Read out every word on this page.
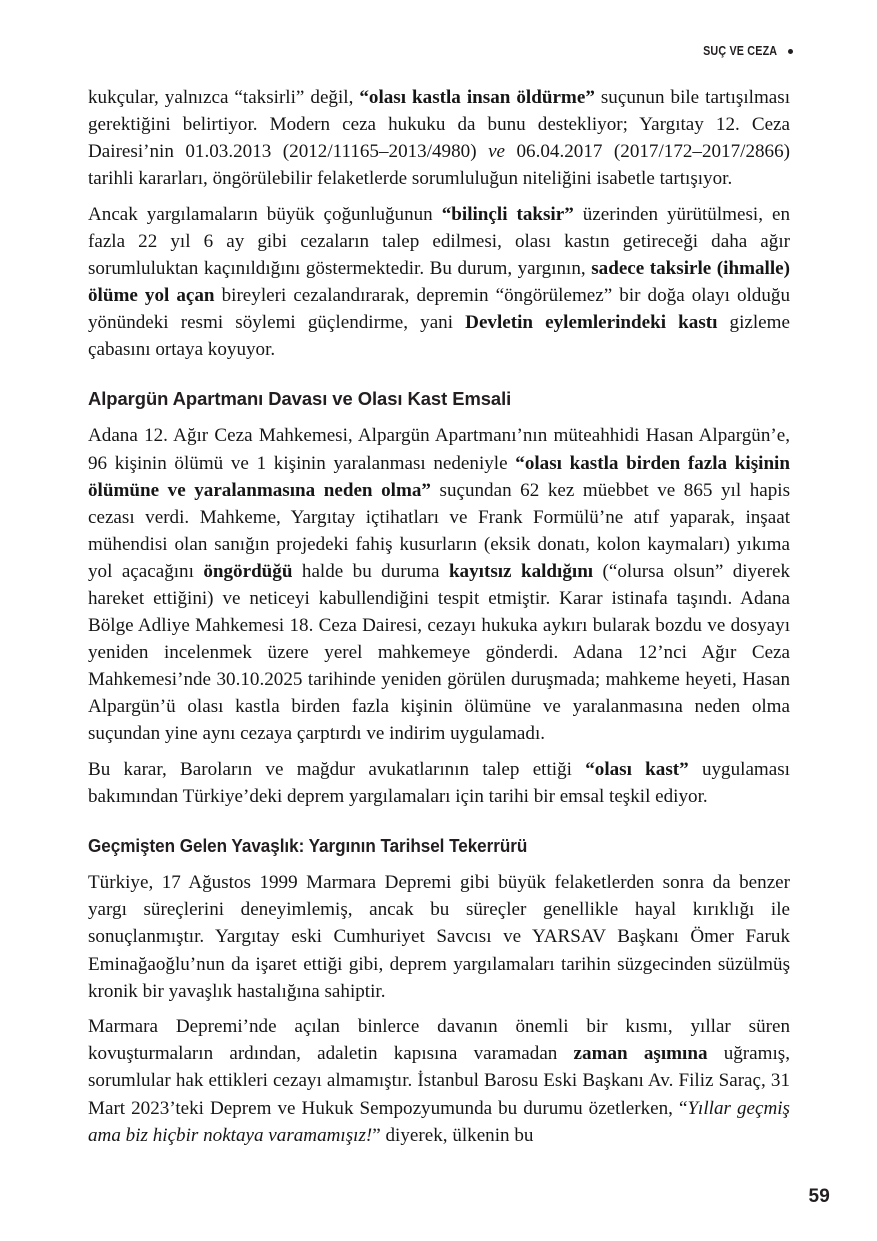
SUÇ VE CEZA

kukçular, yalnızca “taksirli” değil, “olası kastla insan öldürme” suçunun bile tartışılması gerektiğini belirtiyor. Modern ceza hukuku da bunu destekliyor; Yargıtay 12. Ceza Dairesi’nin 01.03.2013 (2012/11165–2013/4980) ve 06.04.2017 (2017/172–2017/2866) tarihli kararları, öngörülebilir felaketlerde sorumluluğun niteliğini isabetle tartışıyor.

Ancak yargılamaların büyük çoğunluğunun “bilinçli taksir” üzerinden yürütülmesi, en fazla 22 yıl 6 ay gibi cezaların talep edilmesi, olası kastın getireceği daha ağır sorumluluktan kaçınıldığını göstermektedir. Bu durum, yargının, sadece taksirle (ihmalle) ölüme yol açan bireyleri cezalandırarak, depremin “öngörülemez” bir doğa olayı olduğu yönündeki resmi söylemi güçlendirme, yani Devletin eylemlerindeki kastı gizleme çabasını ortaya koyuyor.

Alpargün Apartmanı Davası ve Olası Kast Emsali

Adana 12. Ağır Ceza Mahkemesi, Alpargün Apartmanı’nın müteahhidi Hasan Alpargün’e, 96 kişinin ölümü ve 1 kişinin yaralanması nedeniyle “olası kastla birden fazla kişinin ölümüne ve yaralanmasına neden olma” suçundan 62 kez müebbet ve 865 yıl hapis cezası verdi. Mahkeme, Yargıtay içtihatları ve Frank Formülü’ne atıf yaparak, inşaat mühendisi olan sanığın projedeki fahiş kusurların (eksik donatı, kolon kaymaları) yıkıma yol açacağını öngördüğü halde bu duruma kayıtsız kaldığını (“olursa olsun” diyerek hareket ettiğini) ve neticeyi kabullendiğini tespit etmiştir. Karar istinafa taşındı. Adana Bölge Adliye Mahkemesi 18. Ceza Dairesi, cezayı hukuka aykırı bularak bozdu ve dosyayı yeniden incelenmek üzere yerel mahkemeye gönderdi. Adana 12’nci Ağır Ceza Mahkemesi’nde 30.10.2025 tarihinde yeniden görülen duruşmada; mahkeme heyeti, Hasan Alpargün’ü olası kastla birden fazla kişinin ölümüne ve yaralanmasına neden olma suçundan yine aynı cezaya çarptırdı ve indirim uygulamadı.

Bu karar, Baroların ve mağdur avukatlarının talep ettiği “olası kast” uygulaması bakımından Türkiye’deki deprem yargılamaları için tarihi bir emsal teşkil ediyor.

Geçmişten Gelen Yavaşlık: Yargının Tarihsel Tekerrürü

Türkiye, 17 Ağustos 1999 Marmara Depremi gibi büyük felaketlerden sonra da benzer yargı süreçlerini deneyimlemiş, ancak bu süreçler genellikle hayal kırıklığı ile sonuçlanmıştır. Yargıtay eski Cumhuriyet Savcısı ve YARSAV Başkanı Ömer Faruk Eminağaoğlu’nun da işaret ettiği gibi, deprem yargılamaları tarihin süzgecinden süzülmüş kronik bir yavaşlık hastalığına sahiptir.

Marmara Depremi’nde açılan binlerce davanın önemli bir kısmı, yıllar süren kovuşturmaların ardından, adaletin kapısına varamadan zaman aşımına uğramış, sorumlular hak ettikleri cezayı almamıştır. İstanbul Barosu Eski Başkanı Av. Filiz Saraç, 31 Mart 2023’teki Deprem ve Hukuk Sempozyumunda bu durumu özetlerken, “Yıllar geçmiş ama biz hiçbir noktaya varamamışız!” diyerek, ülkenin bu

59
